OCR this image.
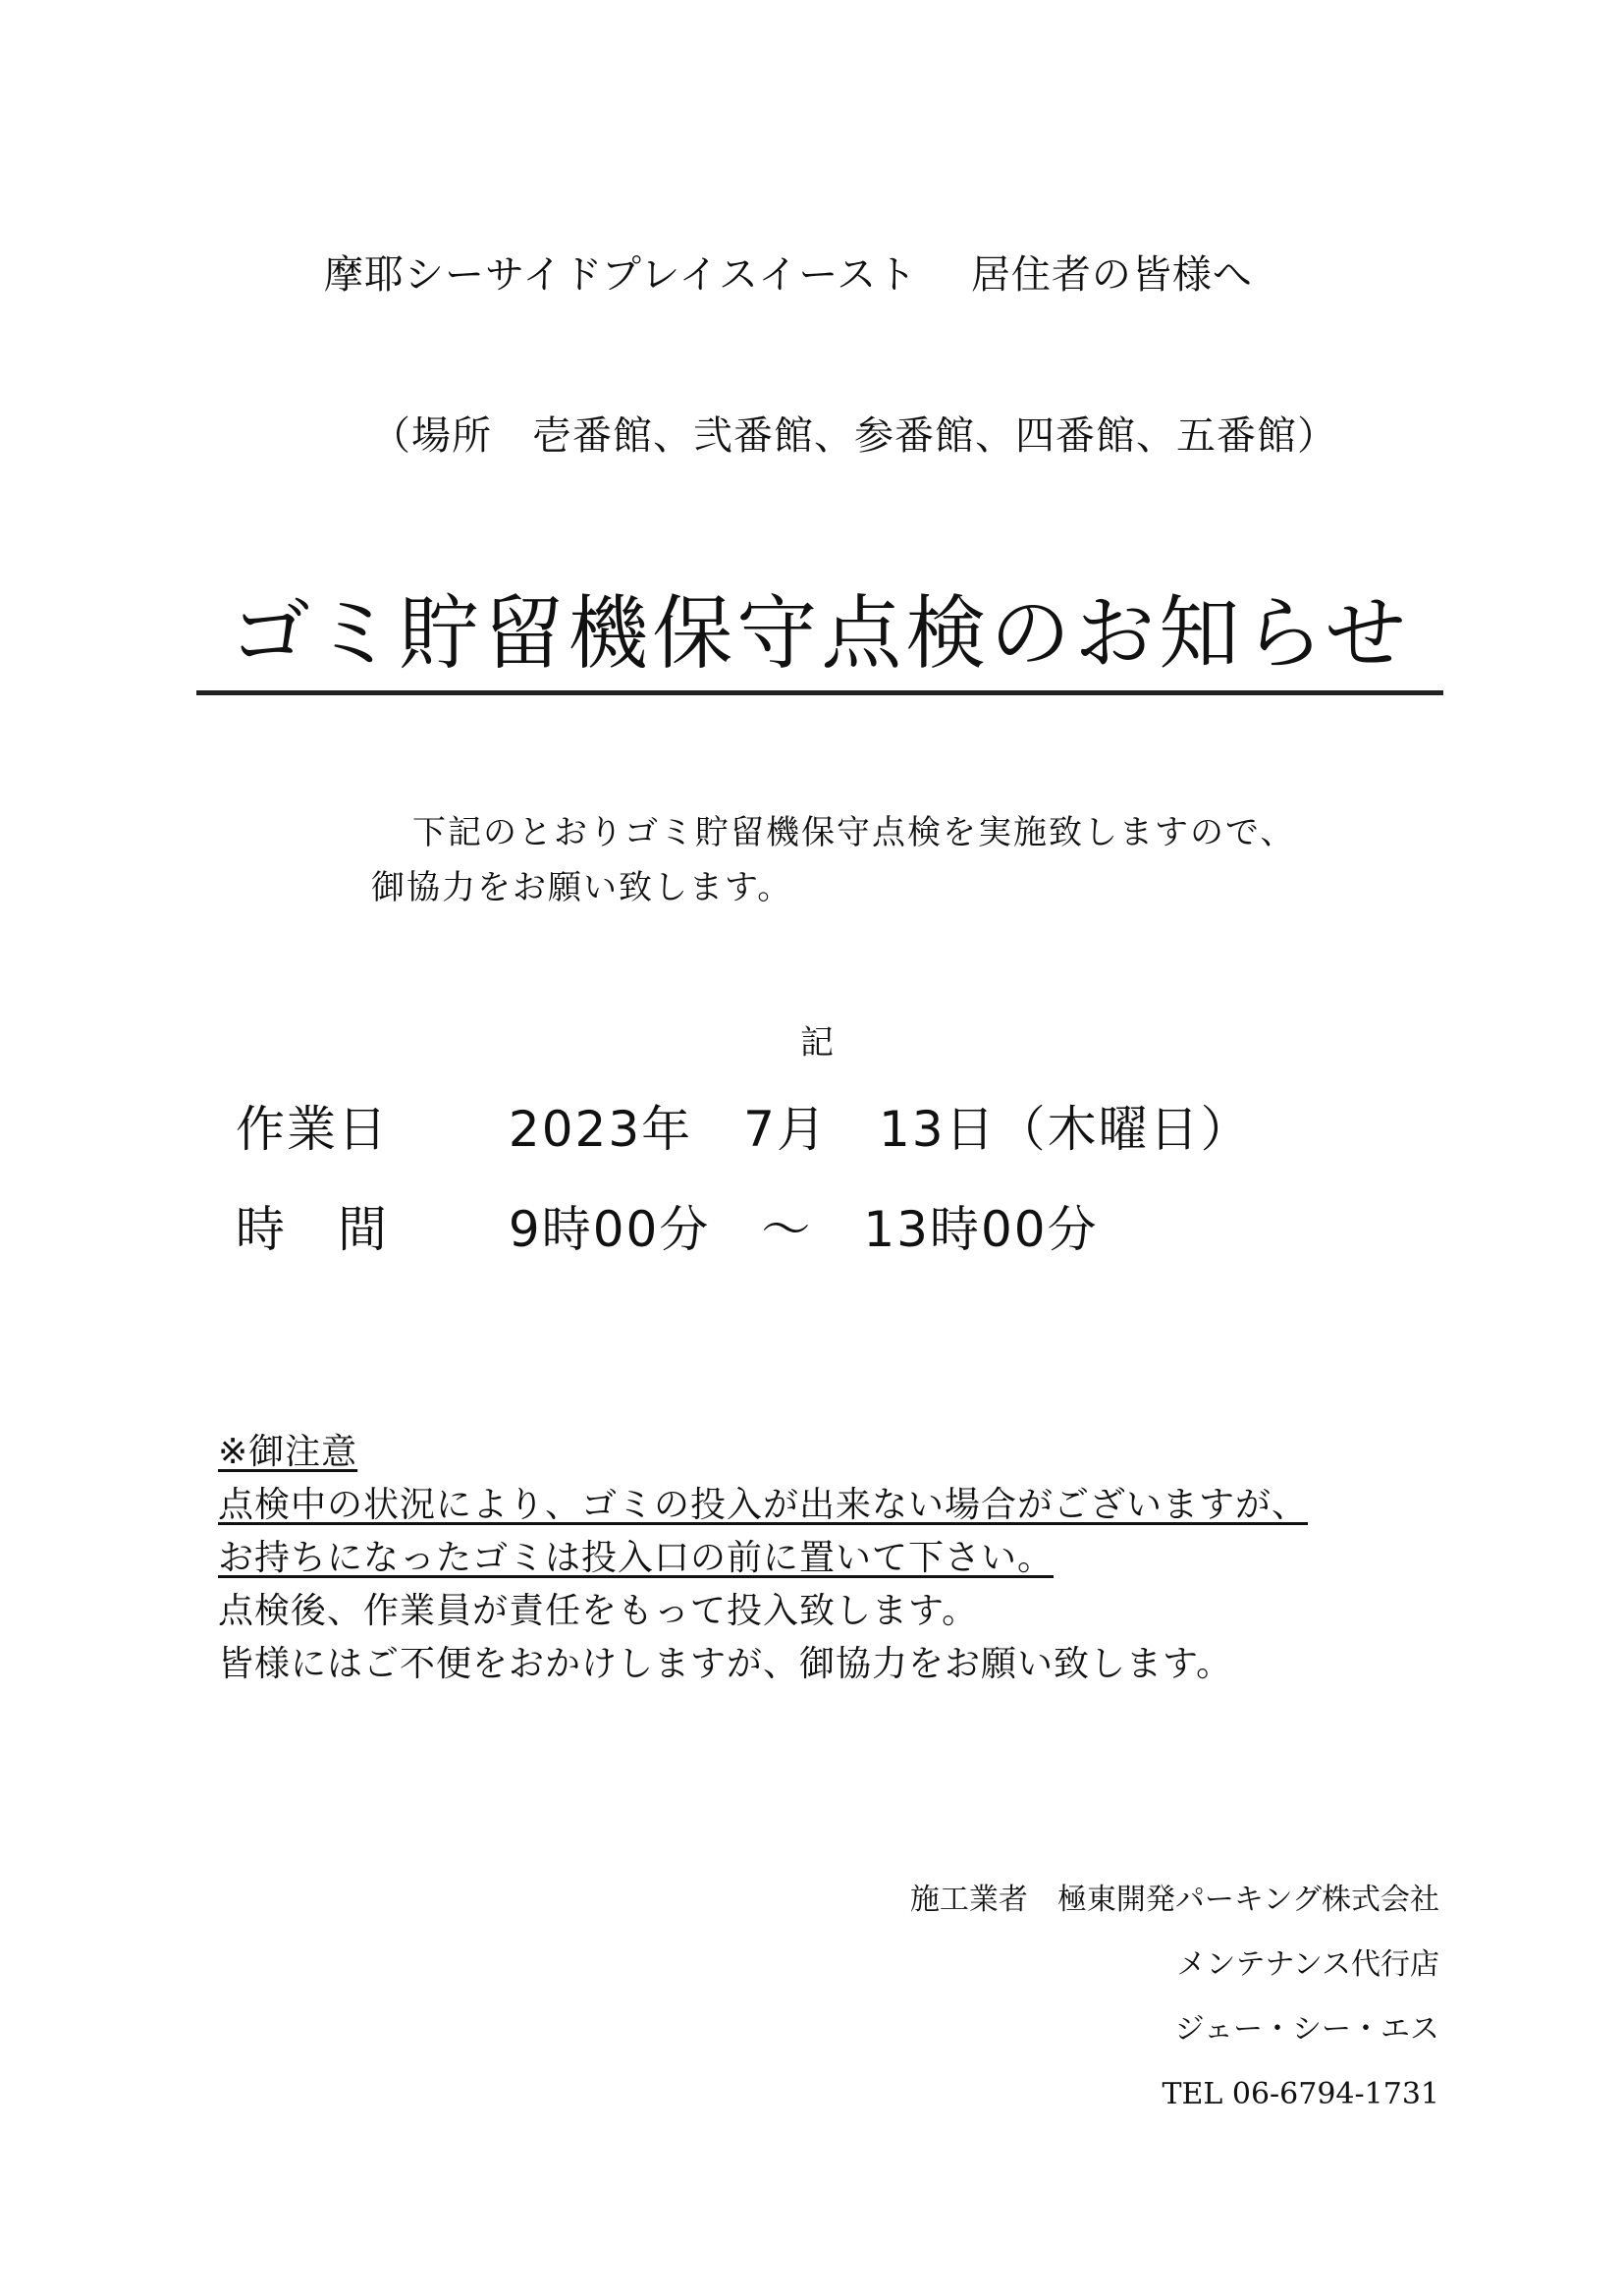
摩耶シーサイドプレイスイースト　 居住者の皆様へ
（場所　壱番館、弐番館、参番館、四番館、五番館）
ゴミ貯留機保守点検のお知らせ
下記のとおりゴミ貯留機保守点検を実施致しますので、
御協力をお願い致します。
記
作業日 2023年　7月　13日（木曜日）
時　間 9時00分　～　13時00分
※御注意
点検中の状況により、ゴミの投入が出来ない場合がございますが、
お持ちになったゴミは投入口の前に置いて下さい。
点検後、作業員が責任をもって投入致します。
皆様にはご不便をおかけしますが、御協力をお願い致します。
施工業者　極東開発パーキング株式会社
メンテナンス代行店
ジェー・シー・エス
TEL 06-6794-1731
